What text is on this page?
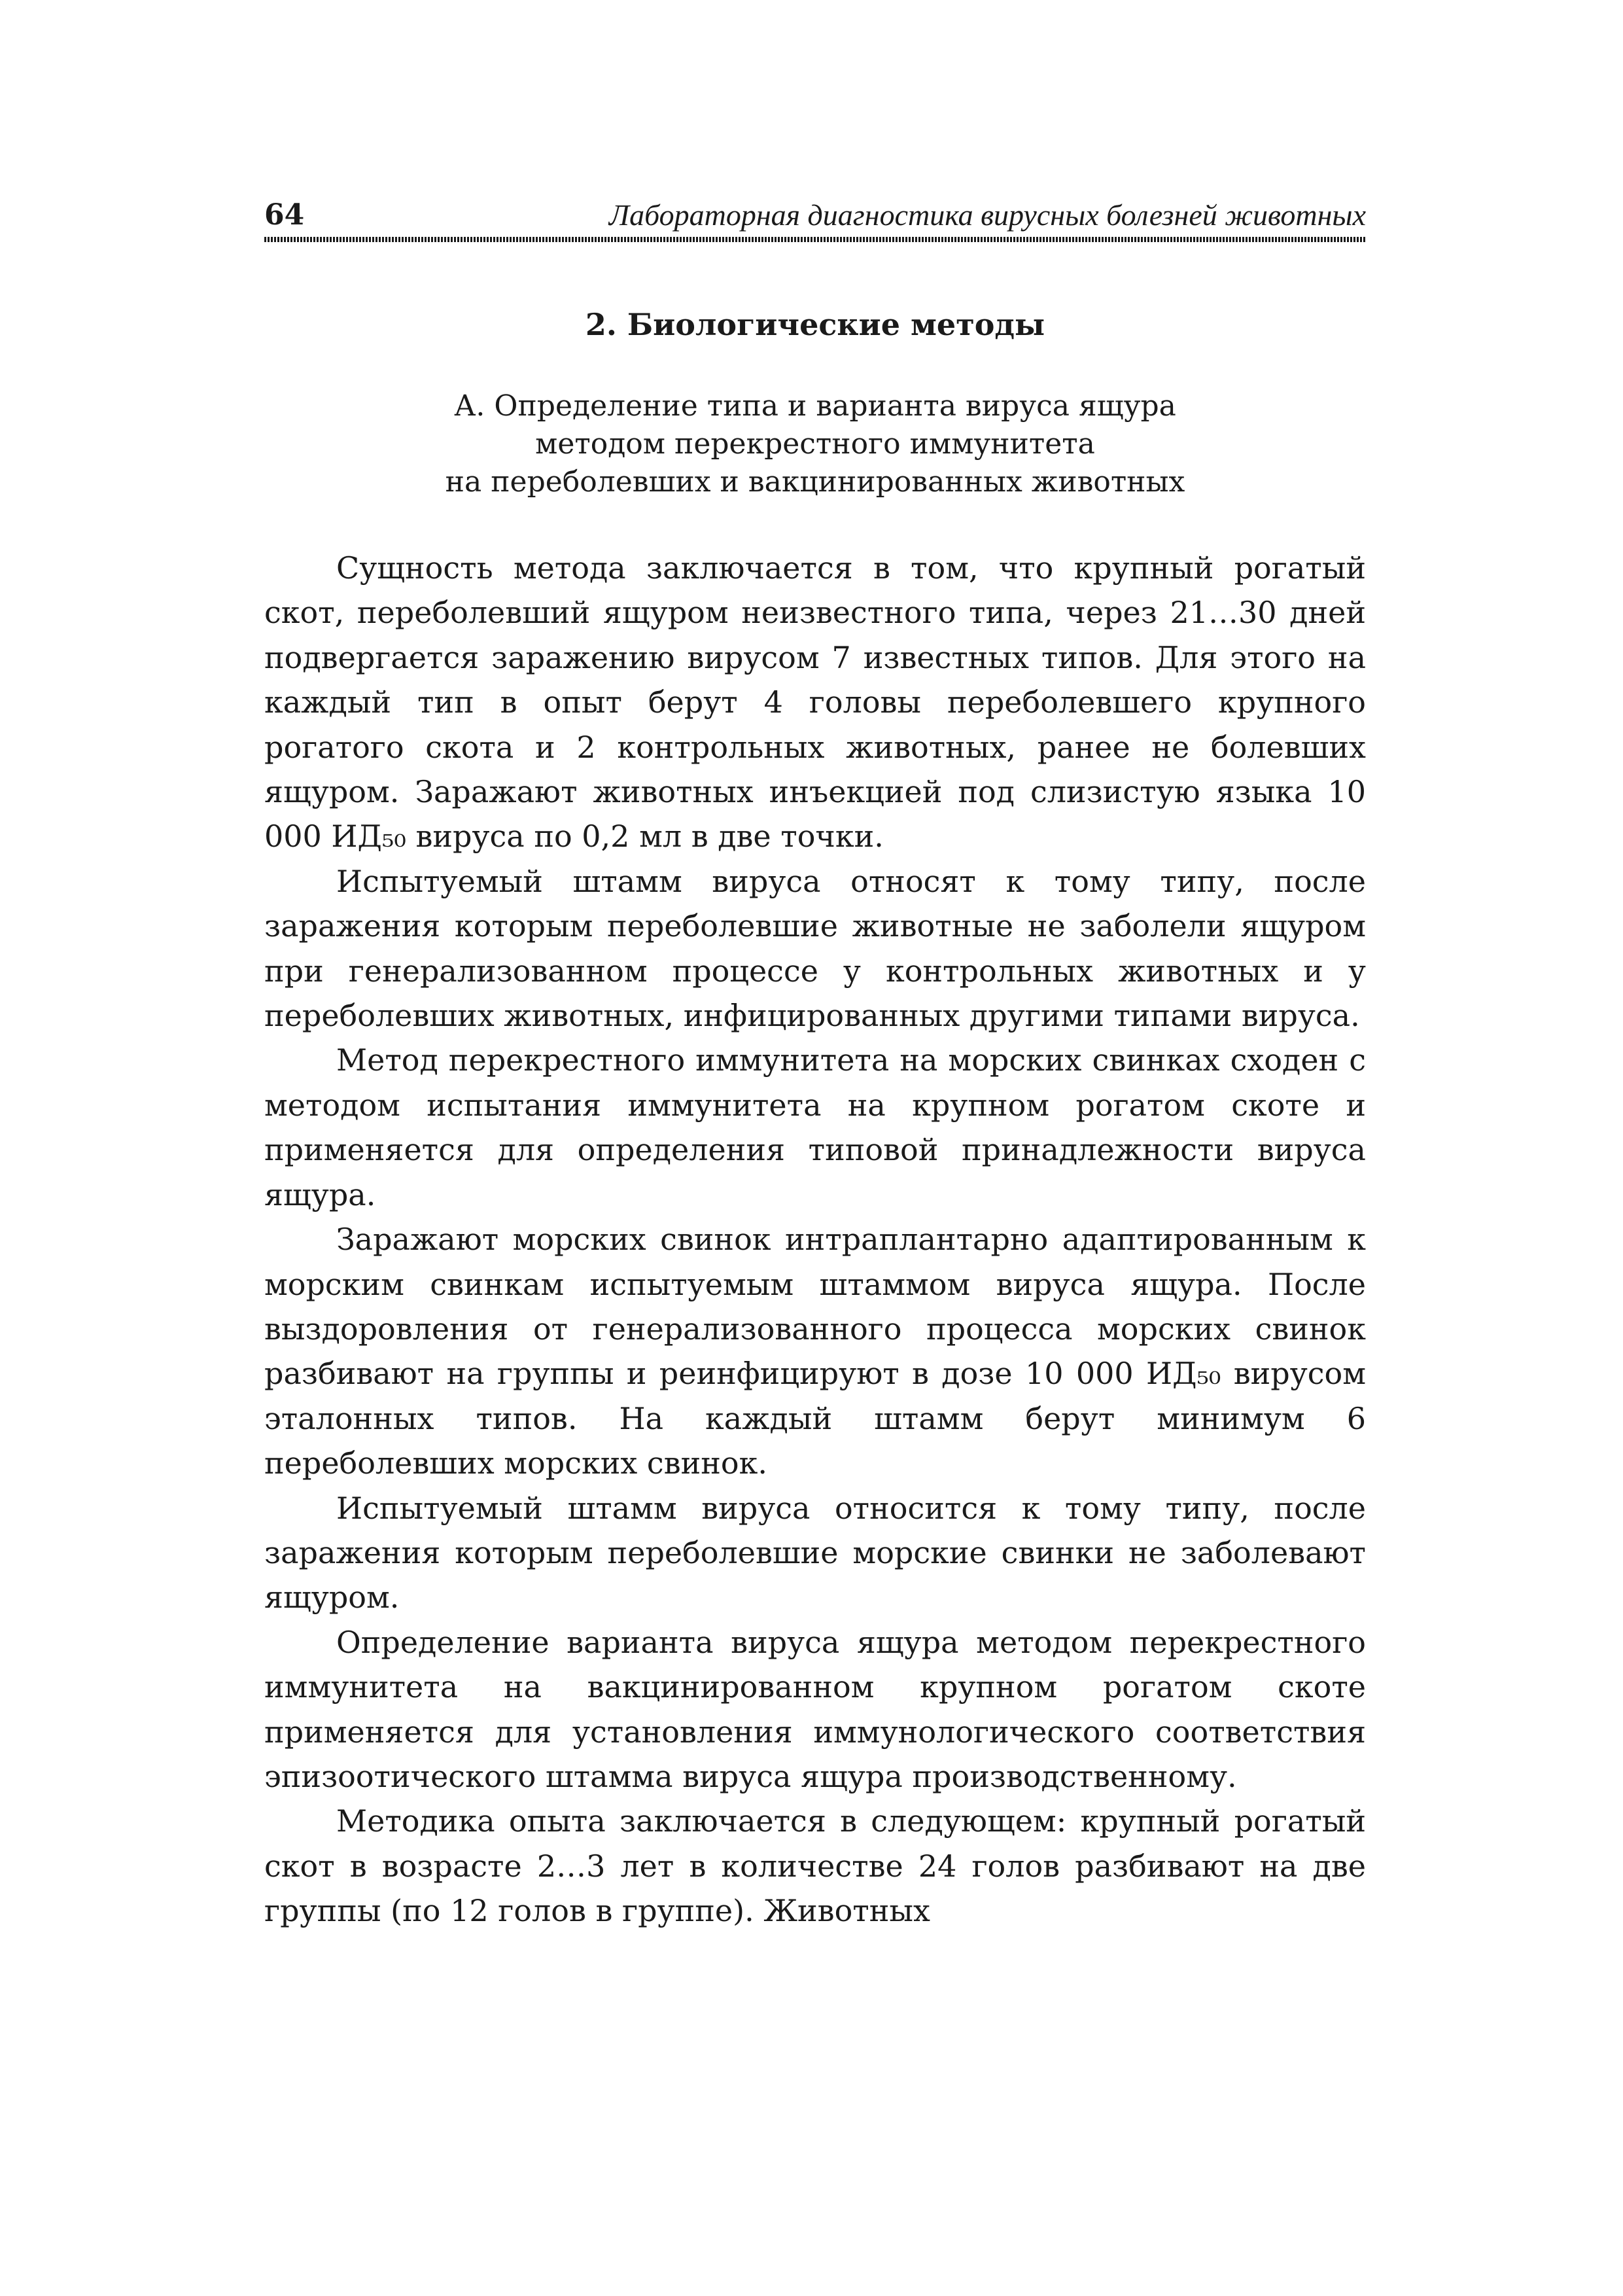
64	Лабораторная диагностика вирусных болезней животных
2. Биологические методы
А. Определение типа и варианта вируса ящура
методом перекрестного иммунитета
на переболевших и вакцинированных животных

Сущность метода заключается в том, что крупный рогатый скот, переболевший ящуром неизвестного типа, через 21…30 дней подвергается заражению вирусом 7 известных типов. Для этого на каждый тип в опыт берут 4 головы переболевшего крупного рогатого скота и 2 контрольных животных, ранее не болевших ящуром. Заражают животных инъекцией под слизистую языка 10 000 ИД₅₀ вируса по 0,2 мл в две точки.

Испытуемый штамм вируса относят к тому типу, после заражения которым переболевшие животные не заболели ящуром при генерализованном процессе у контрольных животных и у переболевших животных, инфицированных другими типами вируса.

Метод перекрестного иммунитета на морских свинках сходен с методом испытания иммунитета на крупном рогатом скоте и применяется для определения типовой принадлежности вируса ящура.

Заражают морских свинок интраплантарно адаптированным к морским свинкам испытуемым штаммом вируса ящура. После выздоровления от генерализованного процесса морских свинок разбивают на группы и реинфицируют в дозе 10 000 ИД₅₀ вирусом эталонных типов. На каждый штамм берут минимум 6 переболевших морских свинок.

Испытуемый штамм вируса относится к тому типу, после заражения которым переболевшие морские свинки не заболевают ящуром.

Определение варианта вируса ящура методом перекрестного иммунитета на вакцинированном крупном рогатом скоте применяется для установления иммунологического соответствия эпизоотического штамма вируса ящура производственному.

Методика опыта заключается в следующем: крупный рогатый скот в возрасте 2…3 лет в количестве 24 голов разбивают на две группы (по 12 голов в группе). Животных
